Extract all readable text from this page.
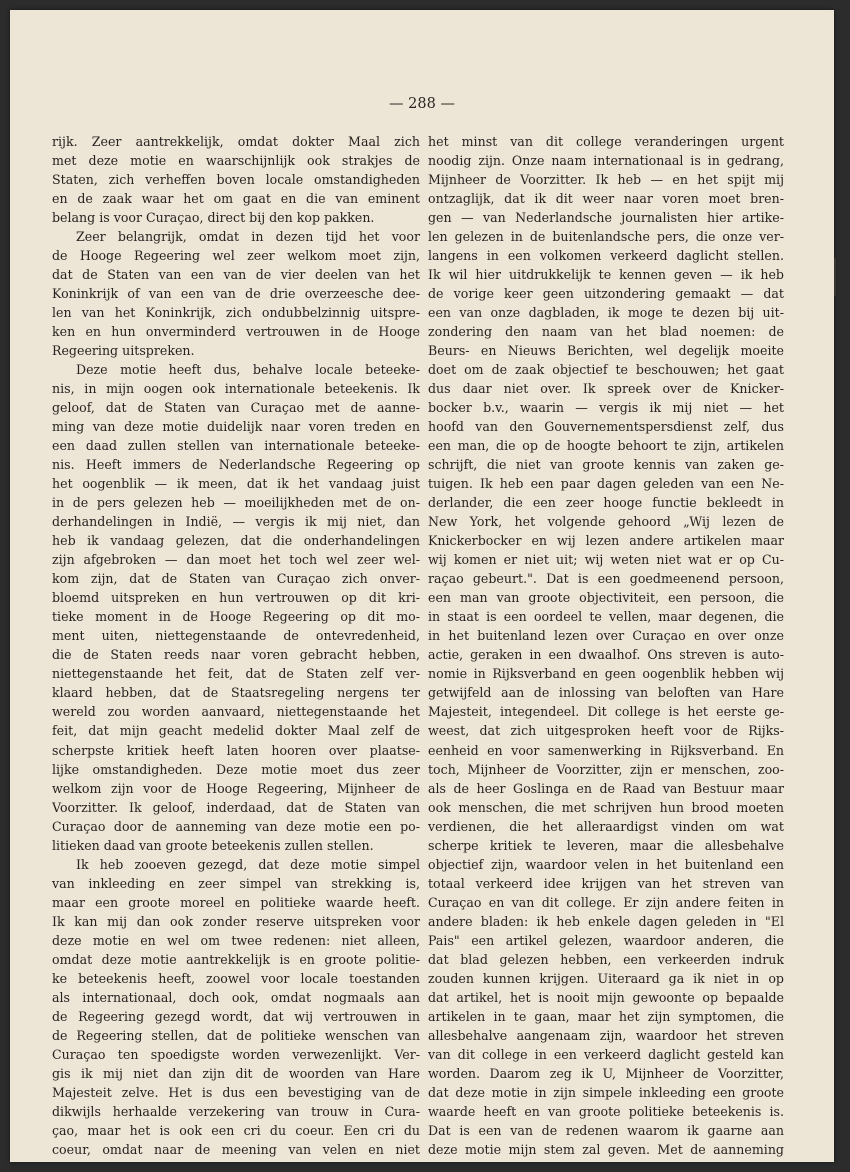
— 288 —
rijk. Zeer aantrekkelijk, omdat dokter Maal zich
met deze motie en waarschijnlijk ook strakjes de
Staten, zich verheffen boven locale omstandigheden
en de zaak waar het om gaat en die van eminent
belang is voor Curaçao, direct bij den kop pakken.
Zeer belangrijk, omdat in dezen tijd het voor
de Hooge Regeering wel zeer welkom moet zijn,
dat de Staten van een van de vier deelen van het
Koninkrijk of van een van de drie overzeesche dee-
len van het Koninkrijk, zich ondubbelzinnig uitspre-
ken en hun onverminderd vertrouwen in de Hooge
Regeering uitspreken.
Deze motie heeft dus, behalve locale beteeke-
nis, in mijn oogen ook internationale beteekenis. Ik
geloof, dat de Staten van Curaçao met de aanne-
ming van deze motie duidelijk naar voren treden en
een daad zullen stellen van internationale beteeke-
nis. Heeft immers de Nederlandsche Regeering op
het oogenblik — ik meen, dat ik het vandaag juist
in de pers gelezen heb — moeilijkheden met de on-
derhandelingen in Indië, — vergis ik mij niet, dan
heb ik vandaag gelezen, dat die onderhandelingen
zijn afgebroken — dan moet het toch wel zeer wel-
kom zijn, dat de Staten van Curaçao zich onver-
bloemd uitspreken en hun vertrouwen op dit kri-
tieke moment in de Hooge Regeering op dit mo-
ment uiten, niettegenstaande de ontevredenheid,
die de Staten reeds naar voren gebracht hebben,
niettegenstaande het feit, dat de Staten zelf ver-
klaard hebben, dat de Staatsregeling nergens ter
wereld zou worden aanvaard, niettegenstaande het
feit, dat mijn geacht medelid dokter Maal zelf de
scherpste kritiek heeft laten hooren over plaatse-
lijke omstandigheden. Deze motie moet dus zeer
welkom zijn voor de Hooge Regeering, Mijnheer de
Voorzitter. Ik geloof, inderdaad, dat de Staten van
Curaçao door de aanneming van deze motie een po-
litieken daad van groote beteekenis zullen stellen.
Ik heb zooeven gezegd, dat deze motie simpel
van inkleeding en zeer simpel van strekking is,
maar een groote moreel en politieke waarde heeft.
Ik kan mij dan ook zonder reserve uitspreken voor
deze motie en wel om twee redenen: niet alleen,
omdat deze motie aantrekkelijk is en groote politie-
ke beteekenis heeft, zoowel voor locale toestanden
als internationaal, doch ook, omdat nogmaals aan
de Regeering gezegd wordt, dat wij vertrouwen in
de Regeering stellen, dat de politieke wenschen van
Curaçao ten spoedigste worden verwezenlijkt. Ver-
gis ik mij niet dan zijn dit de woorden van Hare
Majesteit zelve. Het is dus een bevestiging van de
dikwijls herhaalde verzekering van trouw in Cura-
çao, maar het is ook een cri du coeur. Een cri du
coeur, omdat naar de meening van velen en niet
het minst van dit college veranderingen urgent
noodig zijn. Onze naam internationaal is in gedrang,
Mijnheer de Voorzitter. Ik heb — en het spijt mij
ontzaglijk, dat ik dit weer naar voren moet bren-
gen — van Nederlandsche journalisten hier artike-
len gelezen in de buitenlandsche pers, die onze ver-
langens in een volkomen verkeerd daglicht stellen.
Ik wil hier uitdrukkelijk te kennen geven — ik heb
de vorige keer geen uitzondering gemaakt — dat
een van onze dagbladen, ik moge te dezen bij uit-
zondering den naam van het blad noemen: de
Beurs- en Nieuws Berichten, wel degelijk moeite
doet om de zaak objectief te beschouwen; het gaat
dus daar niet over. Ik spreek over de Knicker-
bocker b.v., waarin — vergis ik mij niet — het
hoofd van den Gouvernementspersdienst zelf, dus
een man, die op de hoogte behoort te zijn, artikelen
schrijft, die niet van groote kennis van zaken ge-
tuigen. Ik heb een paar dagen geleden van een Ne-
derlander, die een zeer hooge functie bekleedt in
New York, het volgende gehoord „Wij lezen de
Knickerbocker en wij lezen andere artikelen maar
wij komen er niet uit; wij weten niet wat er op Cu-
raçao gebeurt.". Dat is een goedmeenend persoon,
een man van groote objectiviteit, een persoon, die
in staat is een oordeel te vellen, maar degenen, die
in het buitenland lezen over Curaçao en over onze
actie, geraken in een dwaalhof. Ons streven is auto-
nomie in Rijksverband en geen oogenblik hebben wij
getwijfeld aan de inlossing van beloften van Hare
Majesteit, integendeel. Dit college is het eerste ge-
weest, dat zich uitgesproken heeft voor de Rijks-
eenheid en voor samenwerking in Rijksverband. En
toch, Mijnheer de Voorzitter, zijn er menschen, zoo-
als de heer Goslinga en de Raad van Bestuur maar
ook menschen, die met schrijven hun brood moeten
verdienen, die het alleraardigst vinden om wat
scherpe kritiek te leveren, maar die allesbehalve
objectief zijn, waardoor velen in het buitenland een
totaal verkeerd idee krijgen van het streven van
Curaçao en van dit college. Er zijn andere feiten in
andere bladen: ik heb enkele dagen geleden in "El
Pais" een artikel gelezen, waardoor anderen, die
dat blad gelezen hebben, een verkeerden indruk
zouden kunnen krijgen. Uiteraard ga ik niet in op
dat artikel, het is nooit mijn gewoonte op bepaalde
artikelen in te gaan, maar het zijn symptomen, die
allesbehalve aangenaam zijn, waardoor het streven
van dit college in een verkeerd daglicht gesteld kan
worden. Daarom zeg ik U, Mijnheer de Voorzitter,
dat deze motie in zijn simpele inkleeding een groote
waarde heeft en van groote politieke beteekenis is.
Dat is een van de redenen waarom ik gaarne aan
deze motie mijn stem zal geven. Met de aanneming
